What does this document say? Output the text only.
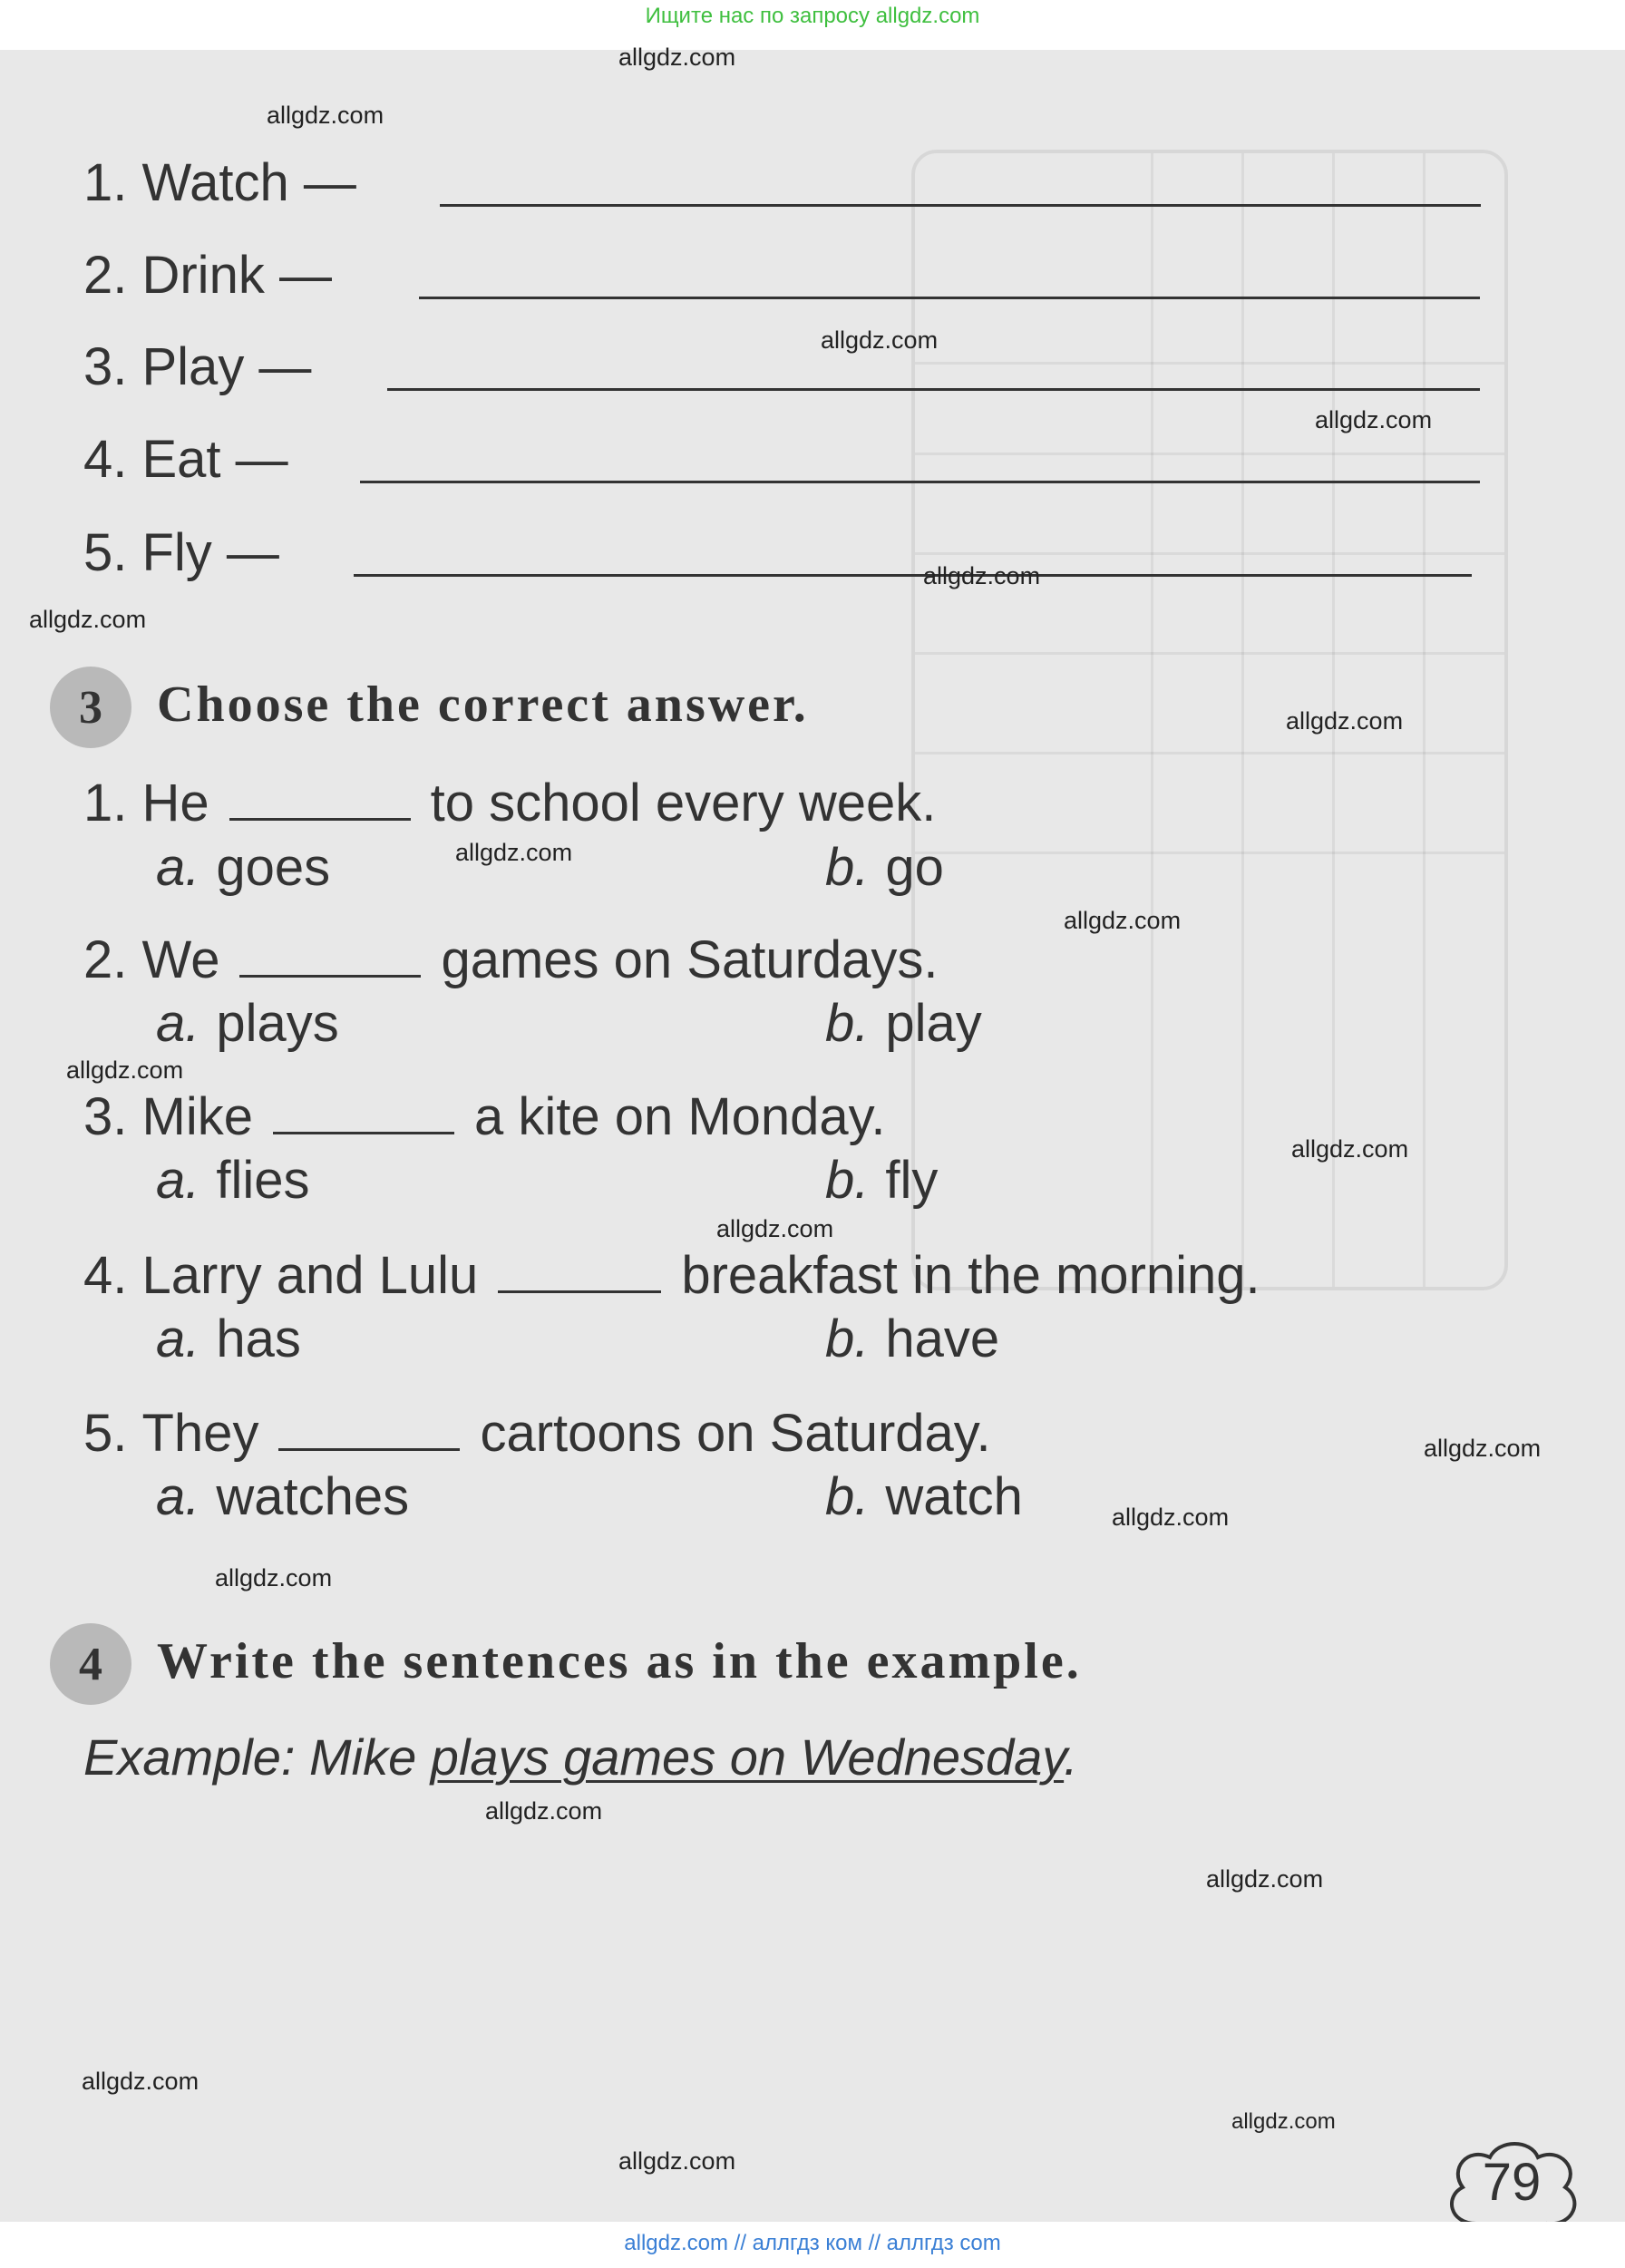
Ищите нас по запросу allgdz.com
1. Watch —
2. Drink —
3. Play —
4. Eat —
5. Fly —
3	Choose the correct answer.
1.
He	to school every week.
a. goes	b. go
2.
We	games on Saturdays.
a. plays	b. play
3.
Mike	a kite on Monday.
a. flies	b. fly
4.
Larry and Lulu	breakfast in the morning.
a. has	b. have
5.
They	cartoons on Saturday.
a. watches	b. watch
4	Write the sentences as in the example.
Example: Mike plays games on Wednesday.
79
allgdz.com
allgdz.com
allgdz.com
allgdz.com
allgdz.com
allgdz.com
allgdz.com
allgdz.com
allgdz.com
allgdz.com
allgdz.com
allgdz.com
allgdz.com
allgdz.com
allgdz.com
allgdz.com
allgdz.com
allgdz.com
allgdz.com
allgdz.com
allgdz.com // аллгдз ком // аллгдз com
